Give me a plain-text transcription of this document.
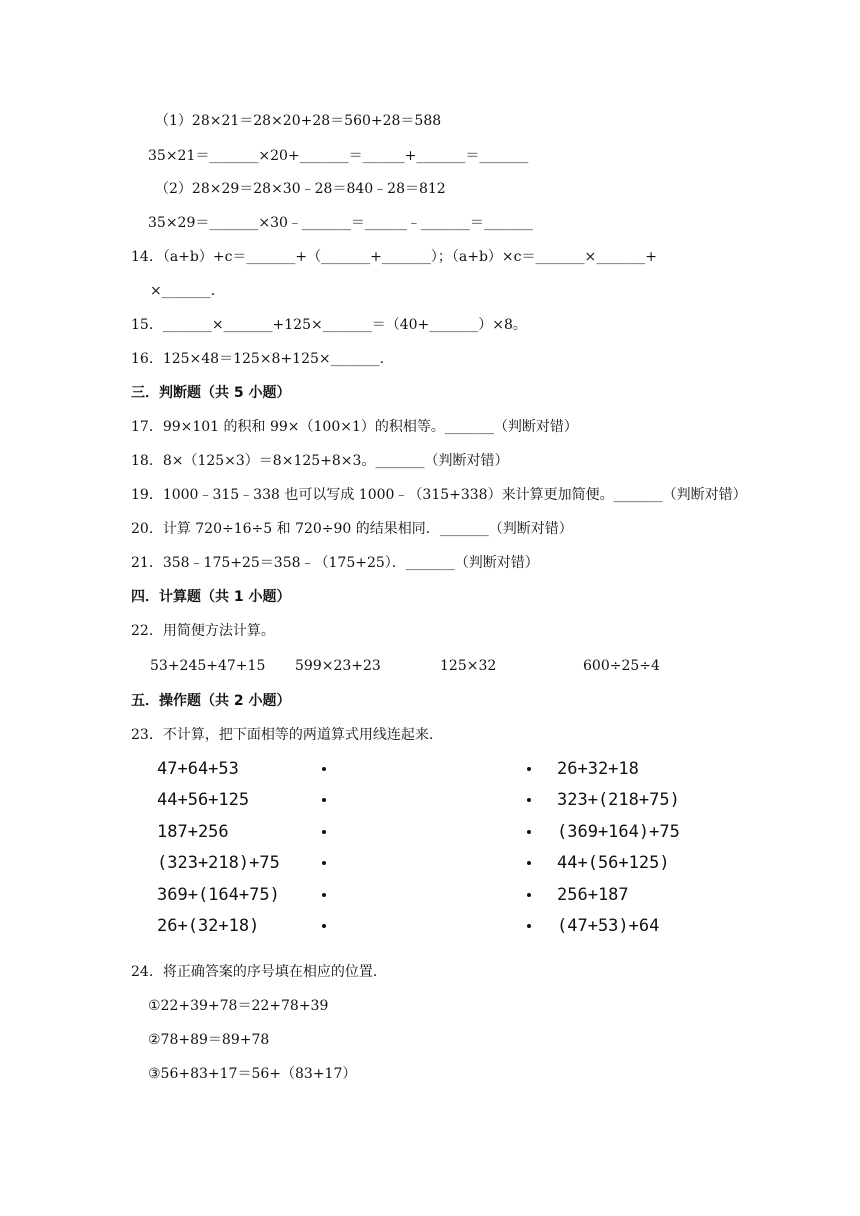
（1）28×21＝28×20+28＝560+28＝588
35×21＝_______×20+_______＝______+_______＝_______
（2）28×29＝28×30﹣28＝840﹣28＝812
35×29＝_______×30﹣_______＝______﹣_______＝_______
14．（a+b）+c＝_______+（_______+_______）；（a+b）×c＝_______×_______+
×_______.
15．_______×_______+125×_______＝（40+_______）×8。
16．125×48＝125×8+125×_______.
三．判断题（共 5 小题）
17．99×101 的积和 99×（100×1）的积相等。_______（判断对错）
18．8×（125×3）＝8×125+8×3。_______（判断对错）
19．1000﹣315﹣338 也可以写成 1000﹣（315+338）来计算更加简便。_______（判断对错）
20．计算 720÷16÷5 和 720÷90 的结果相同．_______（判断对错）
21．358﹣175+25＝358﹣（175+25）．_______（判断对错）
四．计算题（共 1 小题）
22．用简便方法计算。
53+245+47+15 599×23+23	125×32	600÷25÷4
五．操作题（共 2 小题）
23．不计算，把下面相等的两道算式用线连起来.
24．将正确答案的序号填在相应的位置.
①22+39+78＝22+78+39
②78+89＝89+78
③56+83+17＝56+（83+17）
47+64+53
44+56+125
187+256
(323+218)+75
369+(164+75)
26+(32+18)
26+32+18
323+(218+75)
(369+164)+75
44+(56+125)
256+187
(47+53)+64
